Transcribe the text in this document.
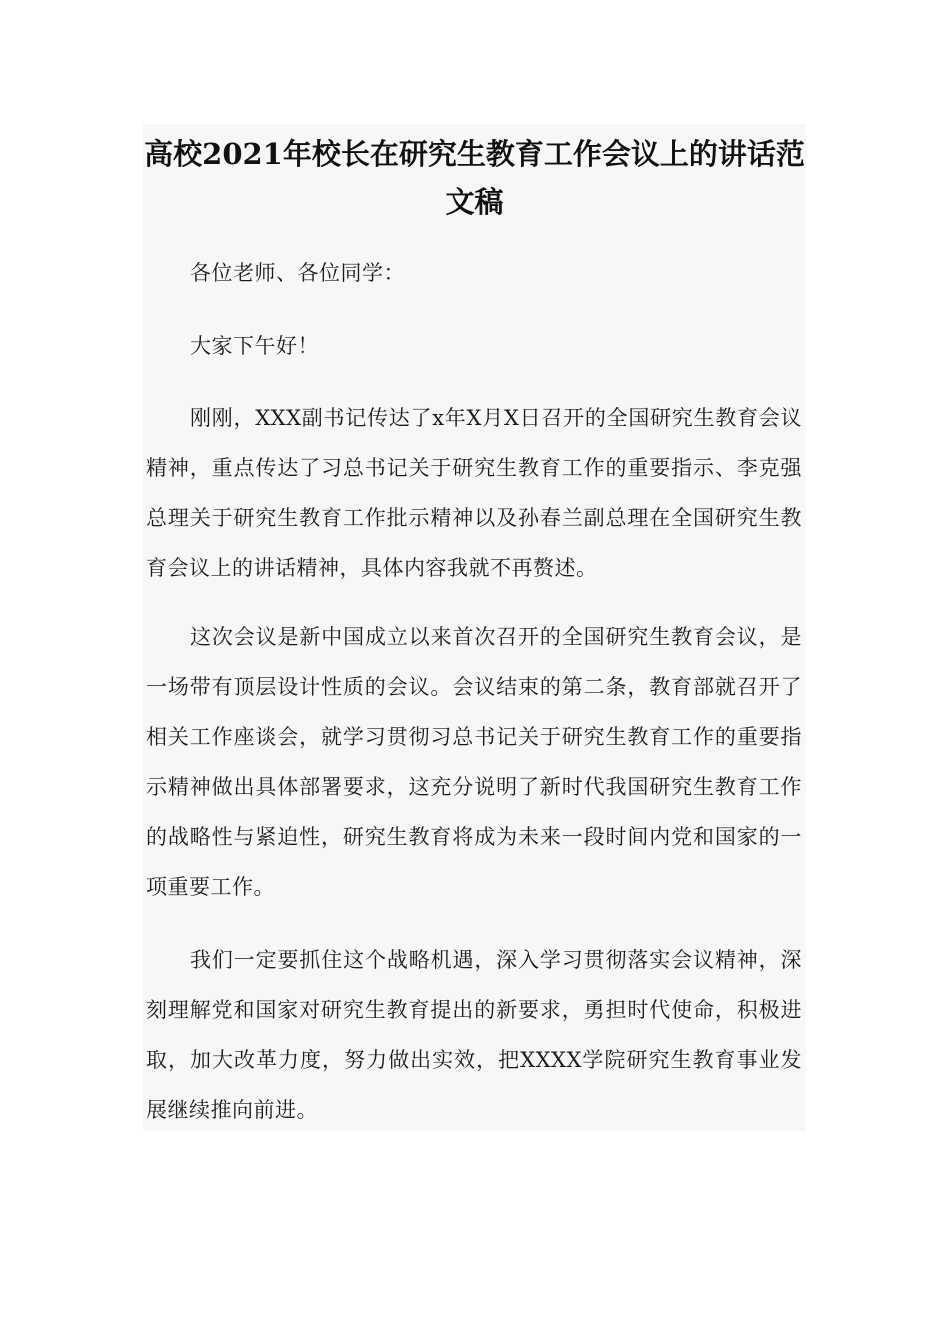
高校2021年校长在研究生教育工作会议上的讲话范
文稿

各位老师、各位同学：

大家下午好！

刚刚，XXX副书记传达了x年X月X日召开的全国研究生教育会议精神，重点传达了习总书记关于研究生教育工作的重要指示、李克强总理关于研究生教育工作批示精神以及孙春兰副总理在全国研究生教育会议上的讲话精神，具体内容我就不再赘述。

这次会议是新中国成立以来首次召开的全国研究生教育会议，是一场带有顶层设计性质的会议。会议结束的第二条，教育部就召开了相关工作座谈会，就学习贯彻习总书记关于研究生教育工作的重要指示精神做出具体部署要求，这充分说明了新时代我国研究生教育工作的战略性与紧迫性，研究生教育将成为未来一段时间内党和国家的一项重要工作。

我们一定要抓住这个战略机遇，深入学习贯彻落实会议精神，深刻理解党和国家对研究生教育提出的新要求，勇担时代使命，积极进取，加大改革力度，努力做出实效，把XXXX学院研究生教育事业发展继续推向前进。
